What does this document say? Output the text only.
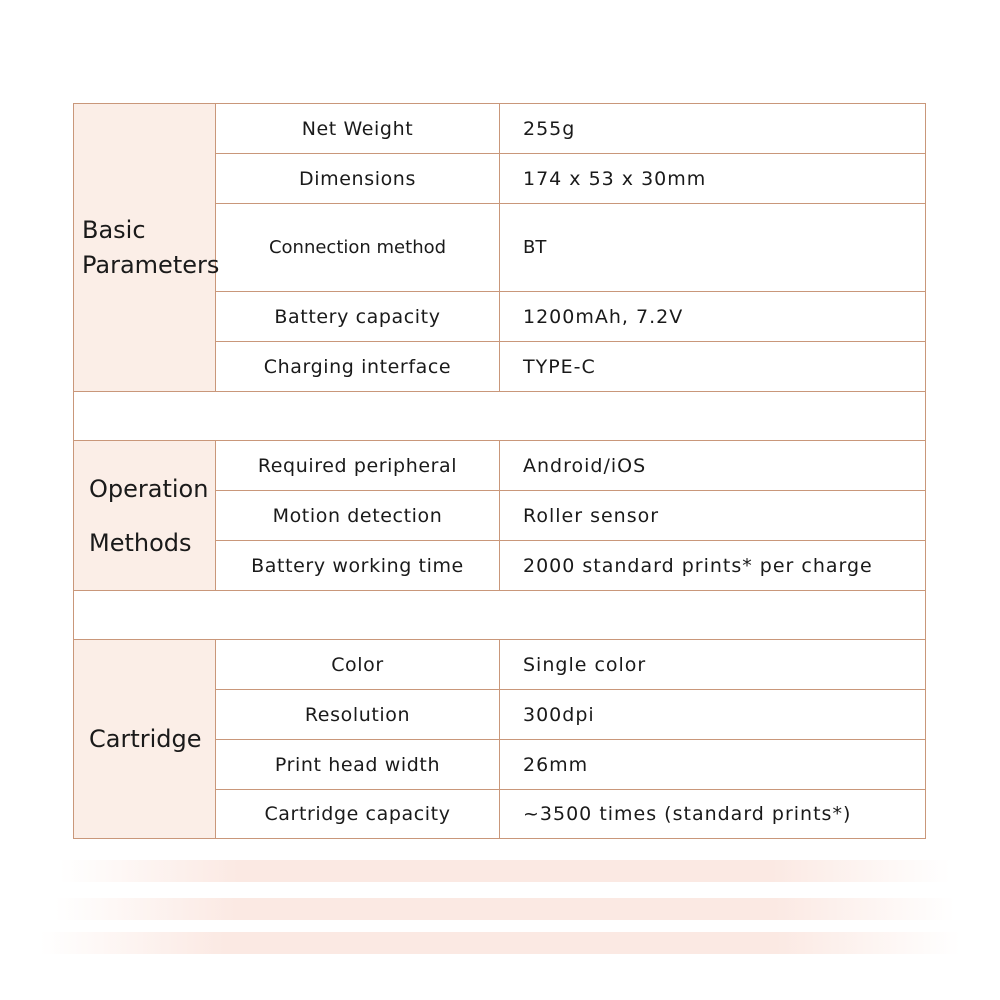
Basic
Parameters	Net Weight	255g
	Dimensions	174 x 53 x 30mm
	Connection method	BT
	Battery capacity	1200mAh, 7.2V
	Charging interface	TYPE-C

Operation
Methods	Required peripheral	Android/iOS
	Motion detection	Roller sensor
	Battery working time	2000 standard prints* per charge

Cartridge	Color	Single color
	Resolution	300dpi
	Print head width	26mm
	Cartridge capacity	~3500 times (standard prints*)
